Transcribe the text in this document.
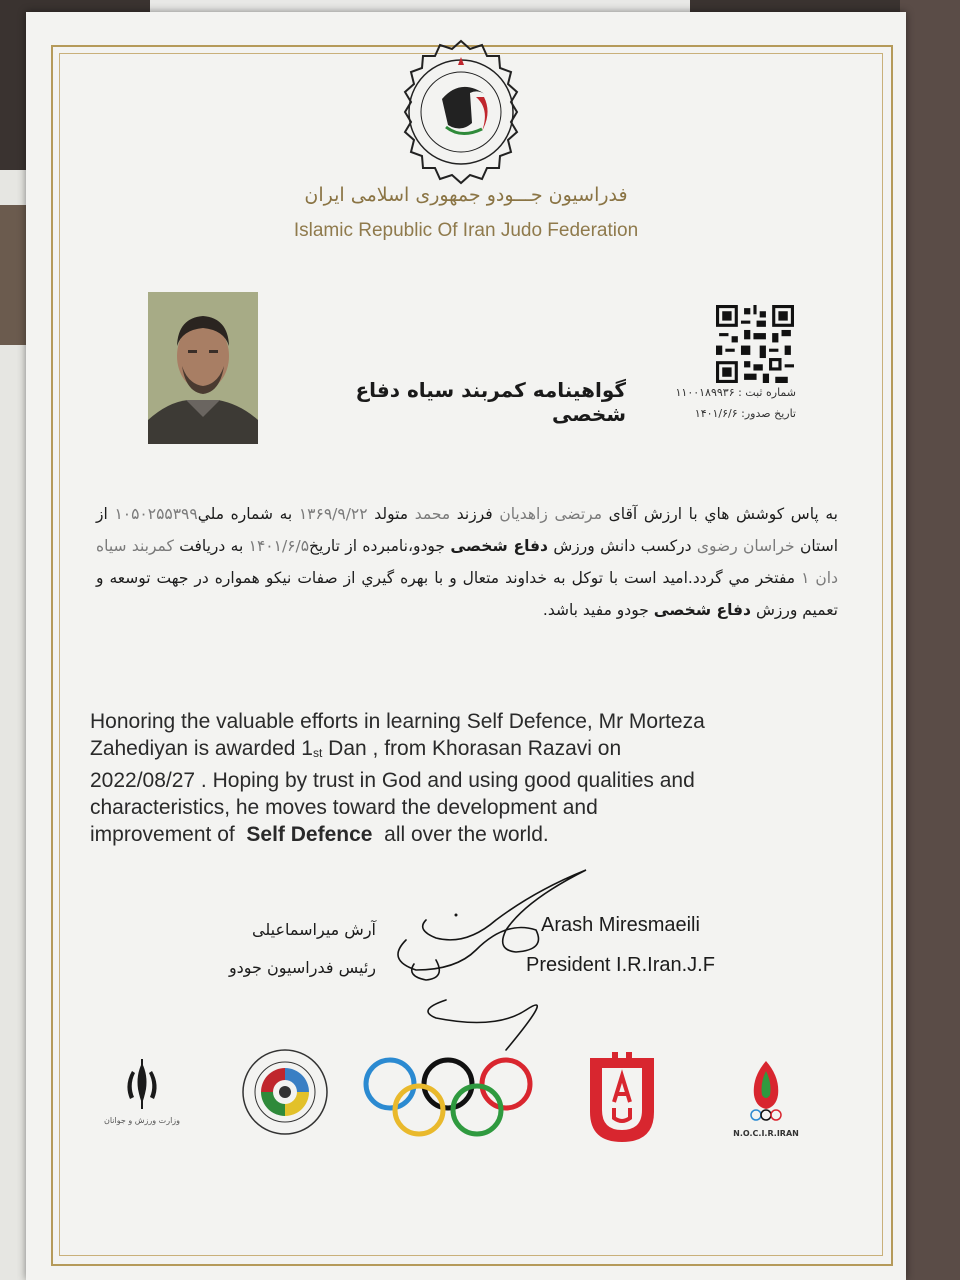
فدراسیون جـــودو جمهوری اسلامی ایران
Islamic Republic Of Iran Judo Federation
گواهینامه کمربند سیاه دفاع شخصی
شماره ثبت : ۱۱۰۰۱۸۹۹۳۶
تاریخ صدور: ۱۴۰۱/۶/۶
به پاس کوشش هاي با ارزش آقای مرتضی زاهدیان فرزند محمد متولد ۱۳۶۹/۹/۲۲ به شماره ملي۱۰۵۰۲۵۵۳۹۹ از استان خراسان رضوی درکسب دانش ورزش دفاع شخصی جودو،نامبرده از تاریخ۱۴۰۱/۶/۵ به دریافت کمربند سیاه دان ۱ مفتخر مي گردد.امید است با توکل به خداوند متعال و با بهره گیري از صفات نیکو همواره در جهت توسعه و تعمیم ورزش دفاع شخصی جودو مفید باشد.
Honoring the valuable efforts in learning Self Defence, Mr Morteza
Zahediyan is awarded $1_{st}$ Dan , from Khorasan Razavi on
2022/08/27 . Hoping by trust in God and using good qualities and
characteristics, he moves toward the development and
improvement of Self Defence all over the world.
آرش میراسماعیلی
رئیس فدراسیون جودو
Arash Miresmaeili
President I.R.Iran.J.F
وزارت ورزش و جوانان
N.O.C.I.R.IRAN
